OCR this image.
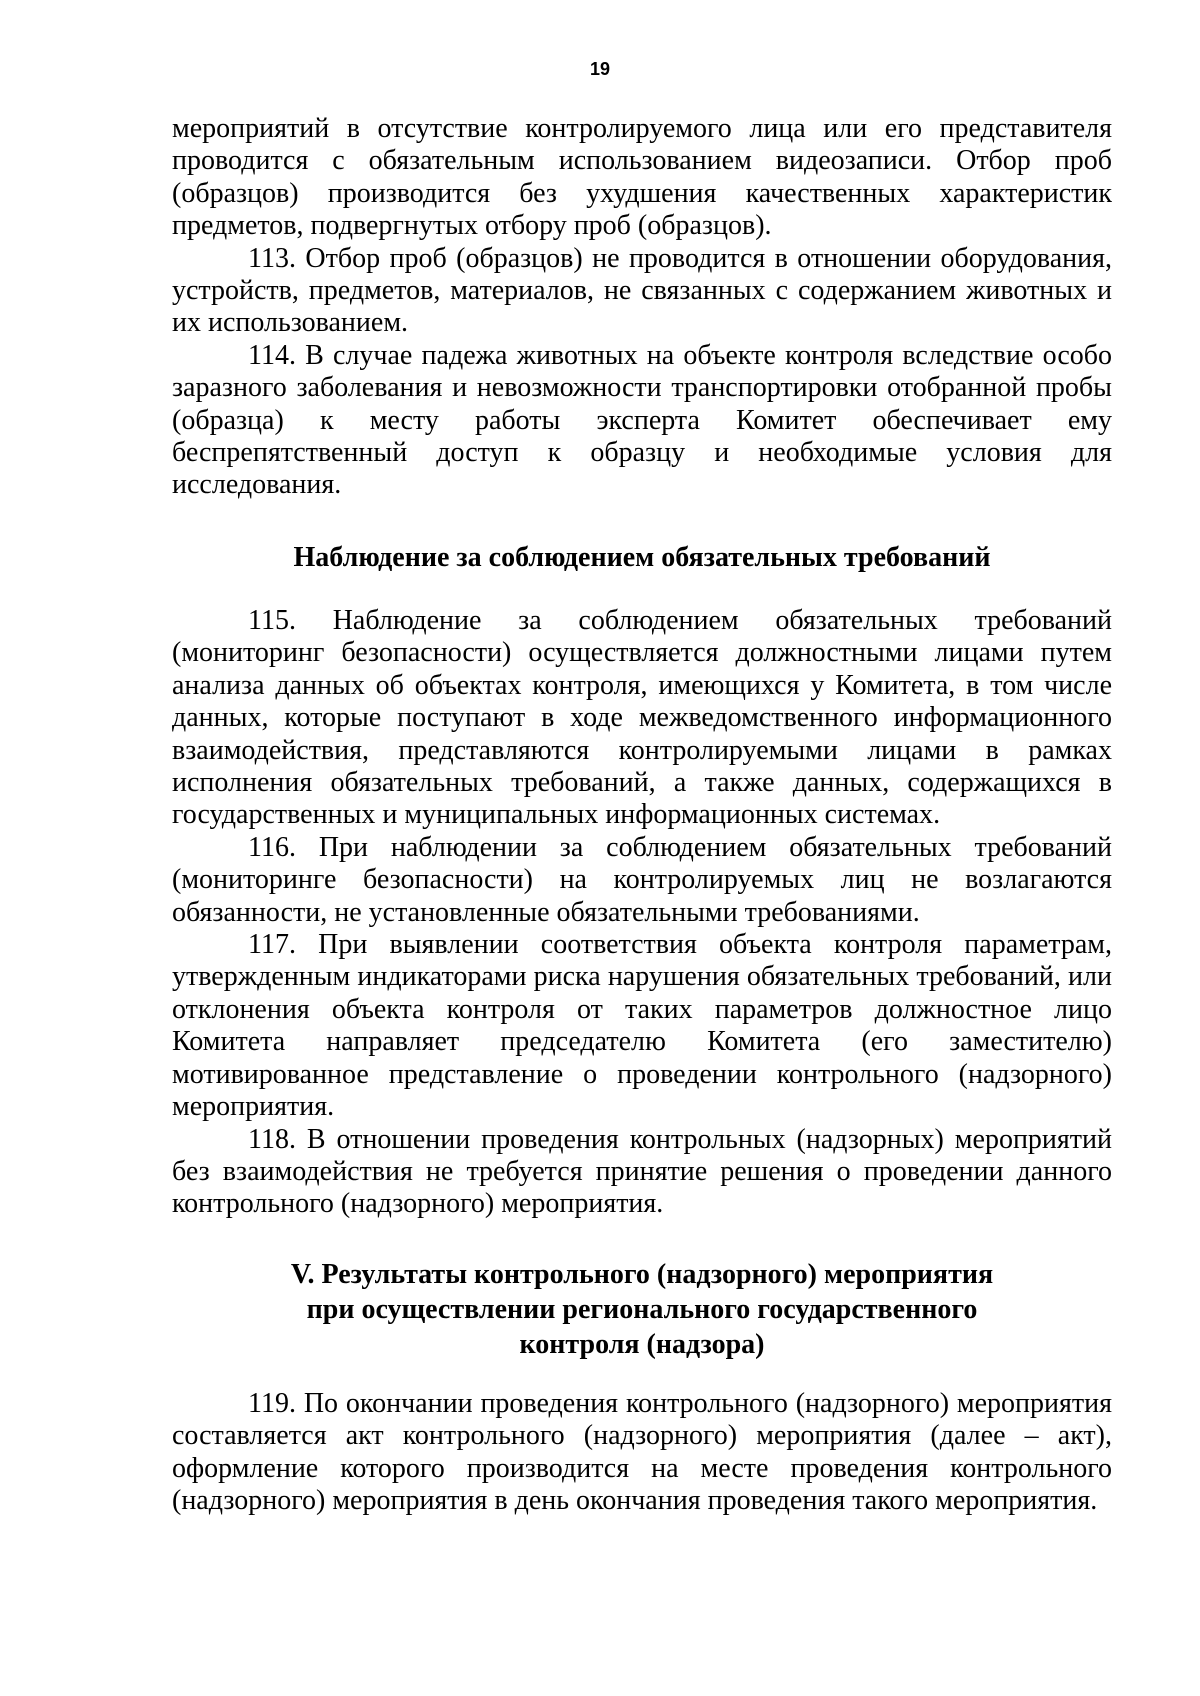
19

мероприятий в отсутствие контролируемого лица или его представителя проводится с обязательным использованием видеозаписи. Отбор проб (образцов) производится без ухудшения качественных характеристик предметов, подвергнутых отбору проб (образцов).

113. Отбор проб (образцов) не проводится в отношении оборудования, устройств, предметов, материалов, не связанных с содержанием животных и их использованием.

114. В случае падежа животных на объекте контроля вследствие особо заразного заболевания и невозможности транспортировки отобранной пробы (образца) к месту работы эксперта Комитет обеспечивает ему беспрепятственный доступ к образцу и необходимые условия для исследования.

Наблюдение за соблюдением обязательных требований

115. Наблюдение за соблюдением обязательных требований (мониторинг безопасности) осуществляется должностными лицами путем анализа данных об объектах контроля, имеющихся у Комитета, в том числе данных, которые поступают в ходе межведомственного информационного взаимодействия, представляются контролируемыми лицами в рамках исполнения обязательных требований, а также данных, содержащихся в государственных и муниципальных информационных системах.

116. При наблюдении за соблюдением обязательных требований (мониторинге безопасности) на контролируемых лиц не возлагаются обязанности, не установленные обязательными требованиями.

117. При выявлении соответствия объекта контроля параметрам, утвержденным индикаторами риска нарушения обязательных требований, или отклонения объекта контроля от таких параметров должностное лицо Комитета направляет председателю Комитета (его заместителю) мотивированное представление о проведении контрольного (надзорного) мероприятия.

118. В отношении проведения контрольных (надзорных) мероприятий без взаимодействия не требуется принятие решения о проведении данного контрольного (надзорного) мероприятия.

V. Результаты контрольного (надзорного) мероприятия

при осуществлении регионального государственного

контроля (надзора)

119. По окончании проведения контрольного (надзорного) мероприятия составляется акт контрольного (надзорного) мероприятия (далее – акт), оформление которого производится на месте проведения контрольного (надзорного) мероприятия в день окончания проведения такого мероприятия.
